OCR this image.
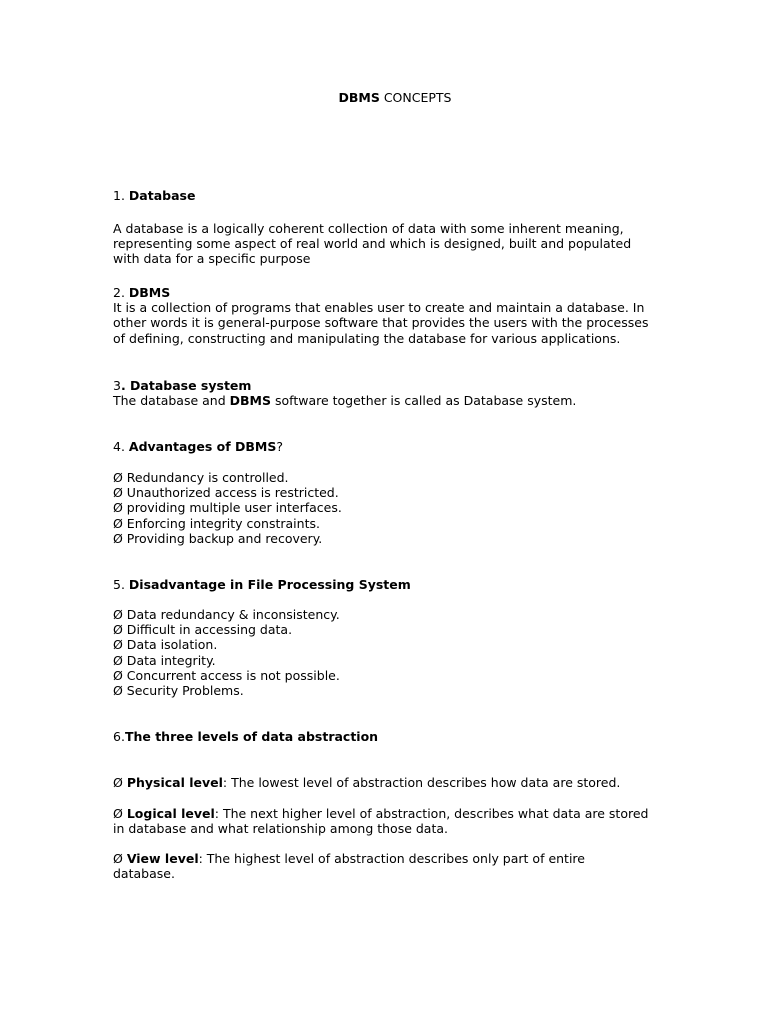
DBMS CONCEPTS
1. Database
A database is a logically coherent collection of data with some inherent meaning,
representing some aspect of real world and which is designed, built and populated
with data for a specific purpose
2. DBMS
It is a collection of programs that enables user to create and maintain a database. In
other words it is general-purpose software that provides the users with the processes
of defining, constructing and manipulating the database for various applications.
3. Database system
The database and DBMS software together is called as Database system.
4. Advantages of DBMS?
Ø Redundancy is controlled.
Ø Unauthorized access is restricted.
Ø providing multiple user interfaces.
Ø Enforcing integrity constraints.
Ø Providing backup and recovery.
5. Disadvantage in File Processing System
Ø Data redundancy & inconsistency.
Ø Difficult in accessing data.
Ø Data isolation.
Ø Data integrity.
Ø Concurrent access is not possible.
Ø Security Problems.
6.The three levels of data abstraction
Ø Physical level: The lowest level of abstraction describes how data are stored.
Ø Logical level: The next higher level of abstraction, describes what data are stored
in database and what relationship among those data.
Ø View level: The highest level of abstraction describes only part of entire
database.
